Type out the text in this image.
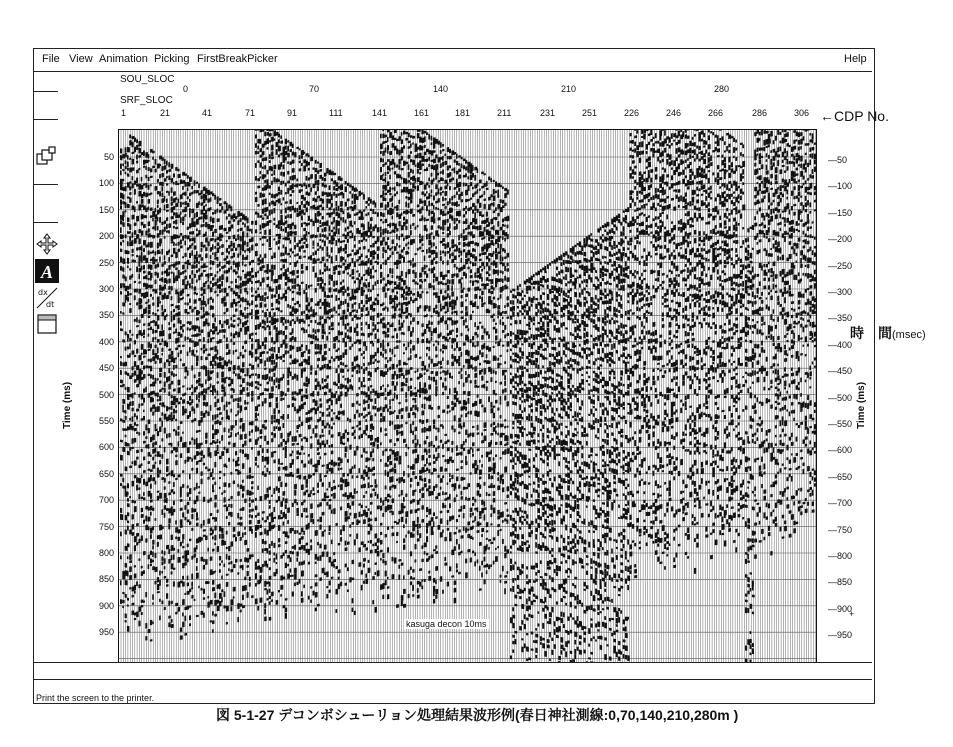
File View Animation Picking FirstBreakPicker	Help
SOU_SLOC
SRF_SLOC
0	70	140	210	280
1	21	41	71	91	111	141	161	181	211	231	251	226	246	266	286	306 ←CDP No.
A
dx
dt
50
100
150
200
250
300
350
400
450
500
550
600
650
700
750
800
850
900
950
—50
—100
—150
—200
—250
—300
—350
—400
—450
—500
—550
—600
—650
—700
—750
—800
—850
—900
—950
Time (ms)	Time (ms)
時　間(msec)
kasuga decon 10ms
+
Print the screen to the printer.
図 5-1-27 デコンボシューリョン処理結果波形例(春日神社測線:0,70,140,210,280m )
